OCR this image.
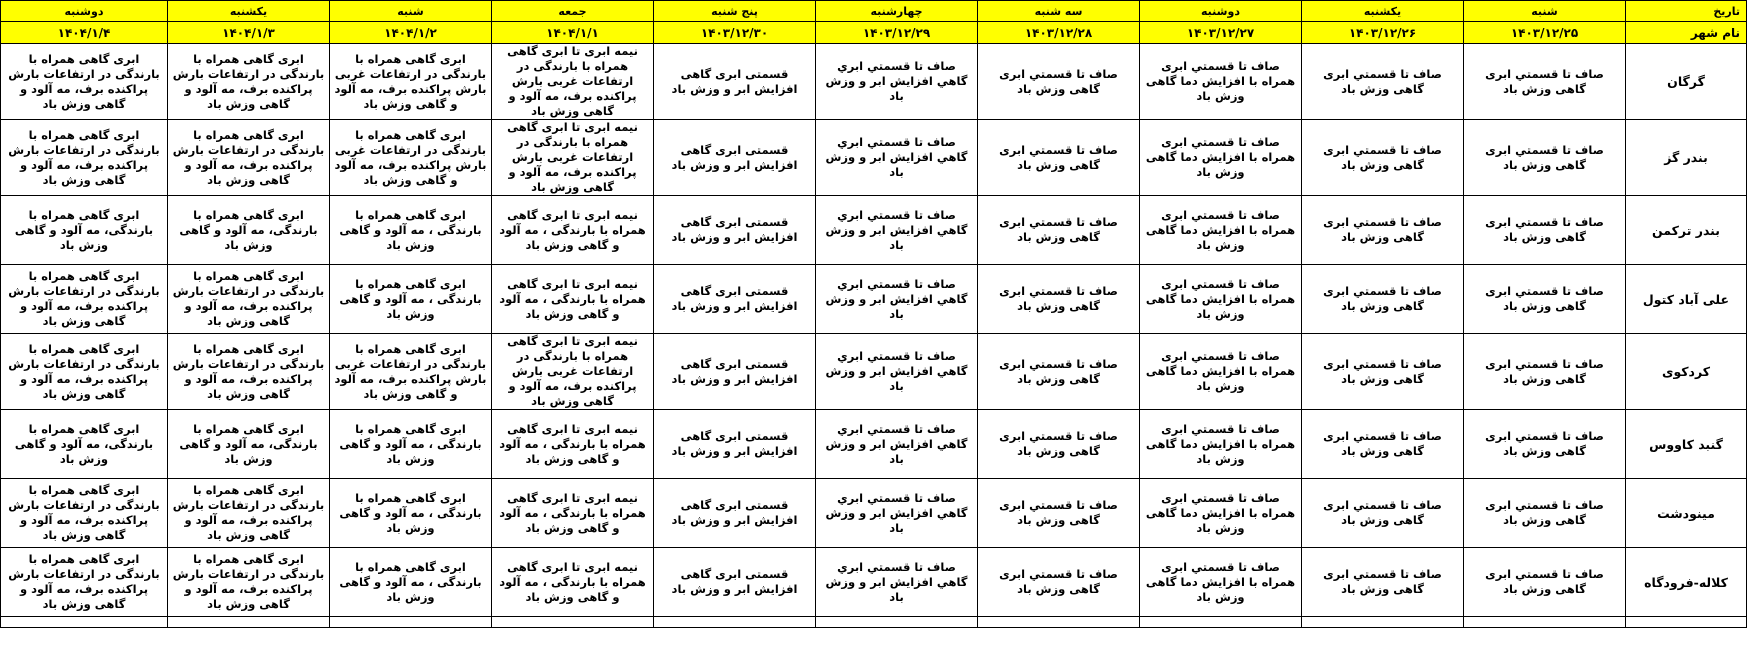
تاریخ	شنبه	یکشنبه	دوشنبه	سه شنبه	چهارشنبه	پنج شنبه	جمعه	شنبه	یکشنبه	دوشنبه
نام شهر	۱۴۰۳/۱۲/۲۵	۱۴۰۳/۱۲/۲۶	۱۴۰۳/۱۲/۲۷	۱۴۰۳/۱۲/۲۸	۱۴۰۳/۱۲/۲۹	۱۴۰۳/۱۲/۳۰	۱۴۰۴/۱/۱	۱۴۰۴/۱/۲	۱۴۰۴/۱/۳	۱۴۰۴/۱/۴
گرگان	صاف تا قسمتي ابری گاهی وزش باد	صاف تا قسمتي ابری گاهی وزش باد	صاف تا قسمتي ابری همراه با افزایش دما گاهی وزش باد	صاف تا قسمتي ابری گاهی وزش باد	صاف تا قسمتي ابري گاهي افزايش ابر و وزش باد	قسمتی ابری گاهی افزایش ابر و وزش باد	نیمه ابری تا ابری گاهی همراه با بارندگی در ارتفاعات غربی بارش پراکنده برف، مه آلود و گاهی وزش باد	ابری گاهی همراه با بارندگی در ارتفاعات غربی بارش پراکنده برف، مه آلود و گاهی وزش باد	ابری گاهی همراه با بارندگی در ارتفاعات بارش پراکنده برف، مه آلود و گاهی وزش باد	ابری گاهی همراه با بارندگی در ارتفاعات بارش پراکنده برف، مه آلود و گاهی وزش باد
بندر گز	صاف تا قسمتي ابری گاهی وزش باد	صاف تا قسمتي ابری گاهی وزش باد	صاف تا قسمتي ابری همراه با افزایش دما گاهی وزش باد	صاف تا قسمتي ابری گاهی وزش باد	صاف تا قسمتي ابري گاهي افزايش ابر و وزش باد	قسمتی ابری گاهی افزایش ابر و وزش باد	نیمه ابری تا ابری گاهی همراه با بارندگی در ارتفاعات غربی بارش پراکنده برف، مه آلود و گاهی وزش باد	ابری گاهی همراه با بارندگی در ارتفاعات غربی بارش پراکنده برف، مه آلود و گاهی وزش باد	ابری گاهی همراه با بارندگی در ارتفاعات بارش پراکنده برف، مه آلود و گاهی وزش باد	ابری گاهی همراه با بارندگی در ارتفاعات بارش پراکنده برف، مه آلود و گاهی وزش باد
بندر ترکمن	صاف تا قسمتي ابری گاهی وزش باد	صاف تا قسمتي ابری گاهی وزش باد	صاف تا قسمتي ابری همراه با افزایش دما گاهی وزش باد	صاف تا قسمتي ابری گاهی وزش باد	صاف تا قسمتي ابري گاهي افزايش ابر و وزش باد	قسمتی ابری گاهی افزایش ابر و وزش باد	نیمه ابری تا ابری گاهی همراه با بارندگی ، مه آلود و گاهی وزش باد	ابری گاهی همراه با بارندگی ، مه آلود و گاهی وزش باد	ابری گاهی همراه با بارندگی، مه آلود و گاهی وزش باد	ابری گاهی همراه با بارندگی، مه آلود و گاهی وزش باد
علی آباد کتول	صاف تا قسمتي ابری گاهی وزش باد	صاف تا قسمتي ابری گاهی وزش باد	صاف تا قسمتي ابری همراه با افزایش دما گاهی وزش باد	صاف تا قسمتي ابری گاهی وزش باد	صاف تا قسمتي ابري گاهي افزايش ابر و وزش باد	قسمتی ابری گاهی افزایش ابر و وزش باد	نیمه ابری تا ابری گاهی همراه با بارندگی ، مه آلود و گاهی وزش باد	ابری گاهی همراه با بارندگی ، مه آلود و گاهی وزش باد	ابری گاهی همراه با بارندگی در ارتفاعات بارش پراکنده برف، مه آلود و گاهی وزش باد	ابری گاهی همراه با بارندگی در ارتفاعات بارش پراکنده برف، مه آلود و گاهی وزش باد
کردکوی	صاف تا قسمتي ابری گاهی وزش باد	صاف تا قسمتي ابری گاهی وزش باد	صاف تا قسمتي ابری همراه با افزایش دما گاهی وزش باد	صاف تا قسمتي ابری گاهی وزش باد	صاف تا قسمتي ابري گاهي افزايش ابر و وزش باد	قسمتی ابری گاهی افزایش ابر و وزش باد	نیمه ابری تا ابری گاهی همراه با بارندگی در ارتفاعات غربی بارش پراکنده برف، مه آلود و گاهی وزش باد	ابری گاهی همراه با بارندگی در ارتفاعات غربی بارش پراکنده برف، مه آلود و گاهی وزش باد	ابری گاهی همراه با بارندگی در ارتفاعات بارش پراکنده برف، مه آلود و گاهی وزش باد	ابری گاهی همراه با بارندگی در ارتفاعات بارش پراکنده برف، مه آلود و گاهی وزش باد
گنبد کاووس	صاف تا قسمتي ابری گاهی وزش باد	صاف تا قسمتي ابری گاهی وزش باد	صاف تا قسمتي ابری همراه با افزایش دما گاهی وزش باد	صاف تا قسمتي ابری گاهی وزش باد	صاف تا قسمتي ابري گاهي افزايش ابر و وزش باد	قسمتی ابری گاهی افزایش ابر و وزش باد	نیمه ابری تا ابری گاهی همراه با بارندگی ، مه آلود و گاهی وزش باد	ابری گاهی همراه با بارندگی ، مه آلود و گاهی وزش باد	ابری گاهی همراه با بارندگی، مه آلود و گاهی وزش باد	ابری گاهی همراه با بارندگی، مه آلود و گاهی وزش باد
مینودشت	صاف تا قسمتي ابری گاهی وزش باد	صاف تا قسمتي ابری گاهی وزش باد	صاف تا قسمتي ابری همراه با افزایش دما گاهی وزش باد	صاف تا قسمتي ابری گاهی وزش باد	صاف تا قسمتي ابري گاهي افزايش ابر و وزش باد	قسمتی ابری گاهی افزایش ابر و وزش باد	نیمه ابری تا ابری گاهی همراه با بارندگی ، مه آلود و گاهی وزش باد	ابری گاهی همراه با بارندگی ، مه آلود و گاهی وزش باد	ابری گاهی همراه با بارندگی در ارتفاعات بارش پراکنده برف، مه آلود و گاهی وزش باد	ابری گاهی همراه با بارندگی در ارتفاعات بارش پراکنده برف، مه آلود و گاهی وزش باد
کلاله-فرودگاه	صاف تا قسمتي ابری گاهی وزش باد	صاف تا قسمتي ابری گاهی وزش باد	صاف تا قسمتي ابری همراه با افزایش دما گاهی وزش باد	صاف تا قسمتي ابری گاهی وزش باد	صاف تا قسمتي ابري گاهي افزايش ابر و وزش باد	قسمتی ابری گاهی افزایش ابر و وزش باد	نیمه ابری تا ابری گاهی همراه با بارندگی ، مه آلود و گاهی وزش باد	ابری گاهی همراه با بارندگی ، مه آلود و گاهی وزش باد	ابری گاهی همراه با بارندگی در ارتفاعات بارش پراکنده برف، مه آلود و گاهی وزش باد	ابری گاهی همراه با بارندگی در ارتفاعات بارش پراکنده برف، مه آلود و گاهی وزش باد
